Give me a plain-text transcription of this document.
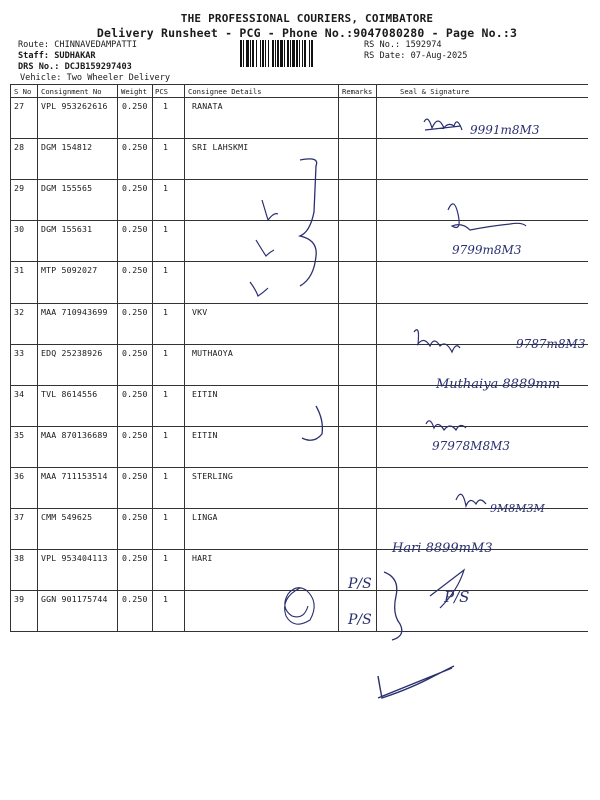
THE PROFESSIONAL COURIERS, COIMBATORE
Delivery Runsheet - PCG - Phone No.:9047080280 - Page No.:3
Route: CHINNAVEDAMPATTI
Staff: SUDHAKAR
DRS No.: DCJB159297403
Vehicle: Two Wheeler Delivery
RS No.: 1592974
RS Date: 07-Aug-2025
S No Consignment No	Weight PCS	Consignee Details	Remarks	Seal & Signature
27 VPL 953262616 0.250 1	RANATA
28 DGM 154812	0.250 1	SRI LAHSKMI
29 DGM 155565	0.250 1
30 DGM 155631	0.250 1
31 MTP 5092027	0.250 1
32 MAA 710943699 0.250 1	VKV
33 EDQ 25238926 0.250 1	MUTHAOYA
34 TVL 8614556	0.250 1	EITIN
35 MAA 870136689 0.250 1	EITIN
36 MAA 711153514 0.250 1	STERLING
37 CMM 549625	0.250 1	LINGA
38 VPL 953404113 0.250 1	HARI
39 GGN 901175744 0.250 1
9991m8M3
9799m8M3
9787m8M3
Muthaiya 8889mm
97978M8M3
9M8M3M
Hari 8899mM3
P/S
P/S
P/S
